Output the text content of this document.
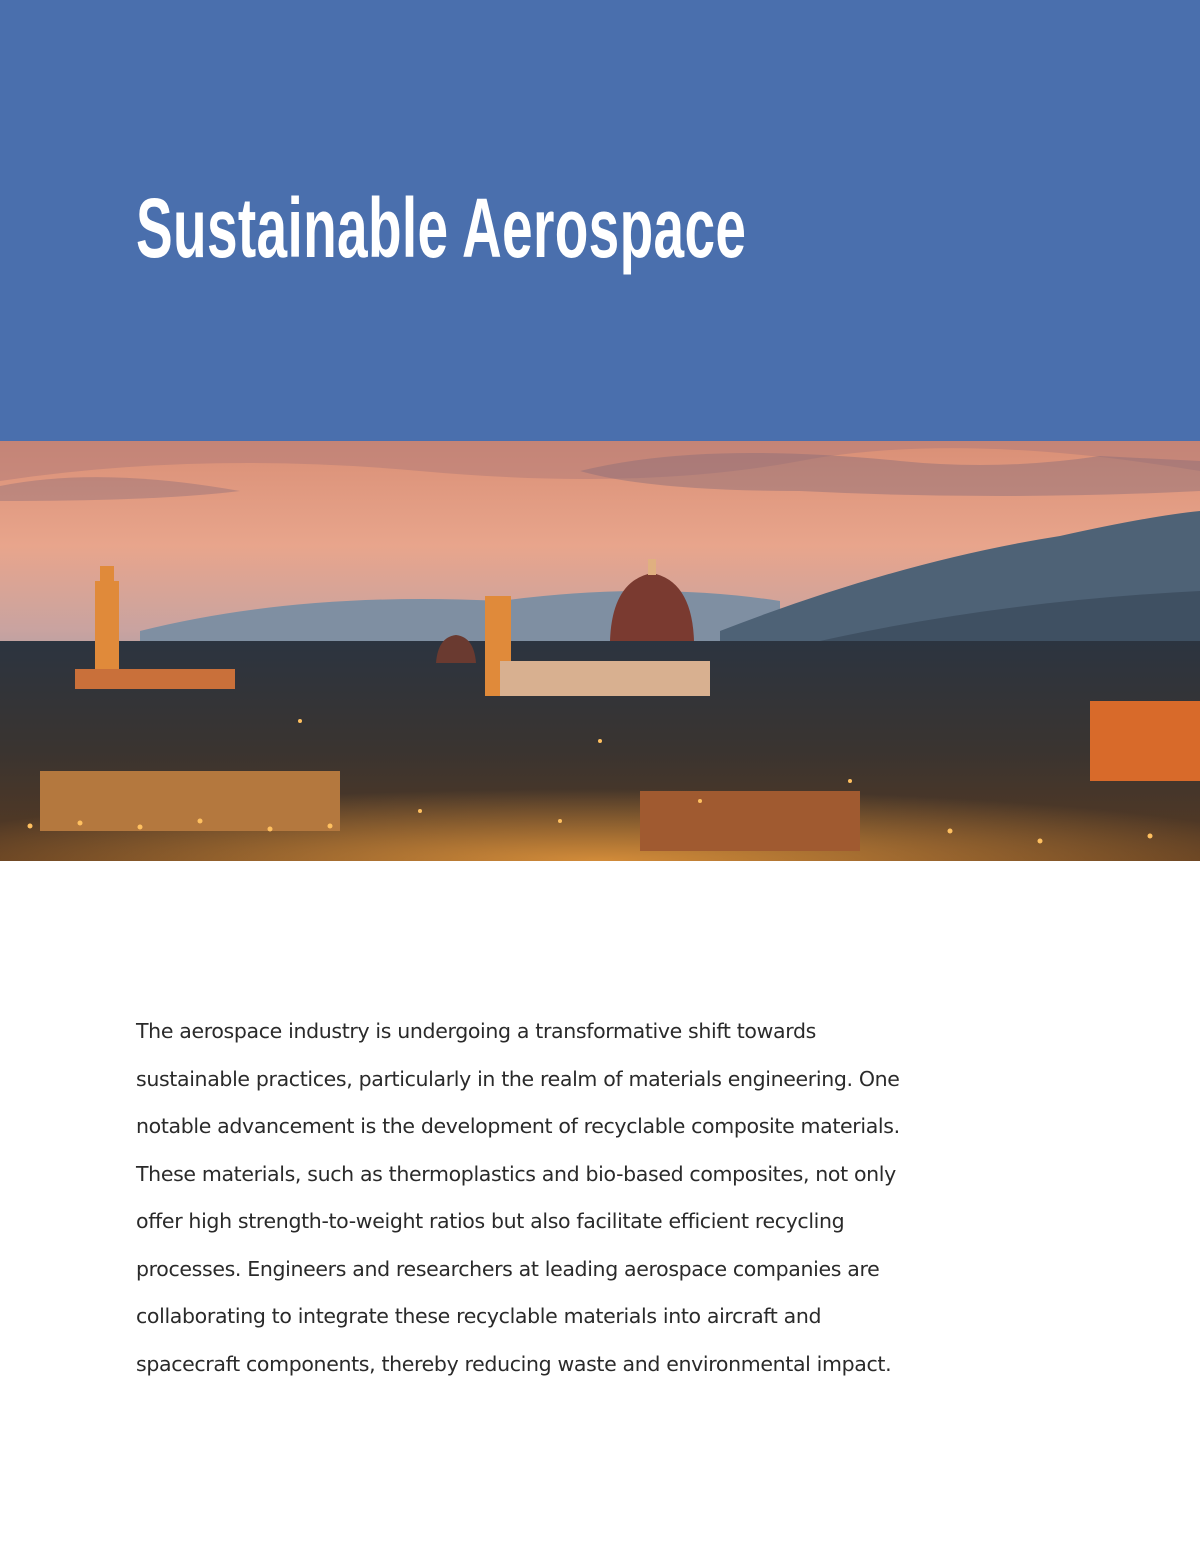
Sustainable Aerospace
The aerospace industry is undergoing a transformative shift towards
sustainable practices, particularly in the realm of materials engineering. One
notable advancement is the development of recyclable composite materials.
These materials, such as thermoplastics and bio-based composites, not only
offer high strength-to-weight ratios but also facilitate efficient recycling
processes. Engineers and researchers at leading aerospace companies are
collaborating to integrate these recyclable materials into aircraft and
spacecraft components, thereby reducing waste and environmental impact.
